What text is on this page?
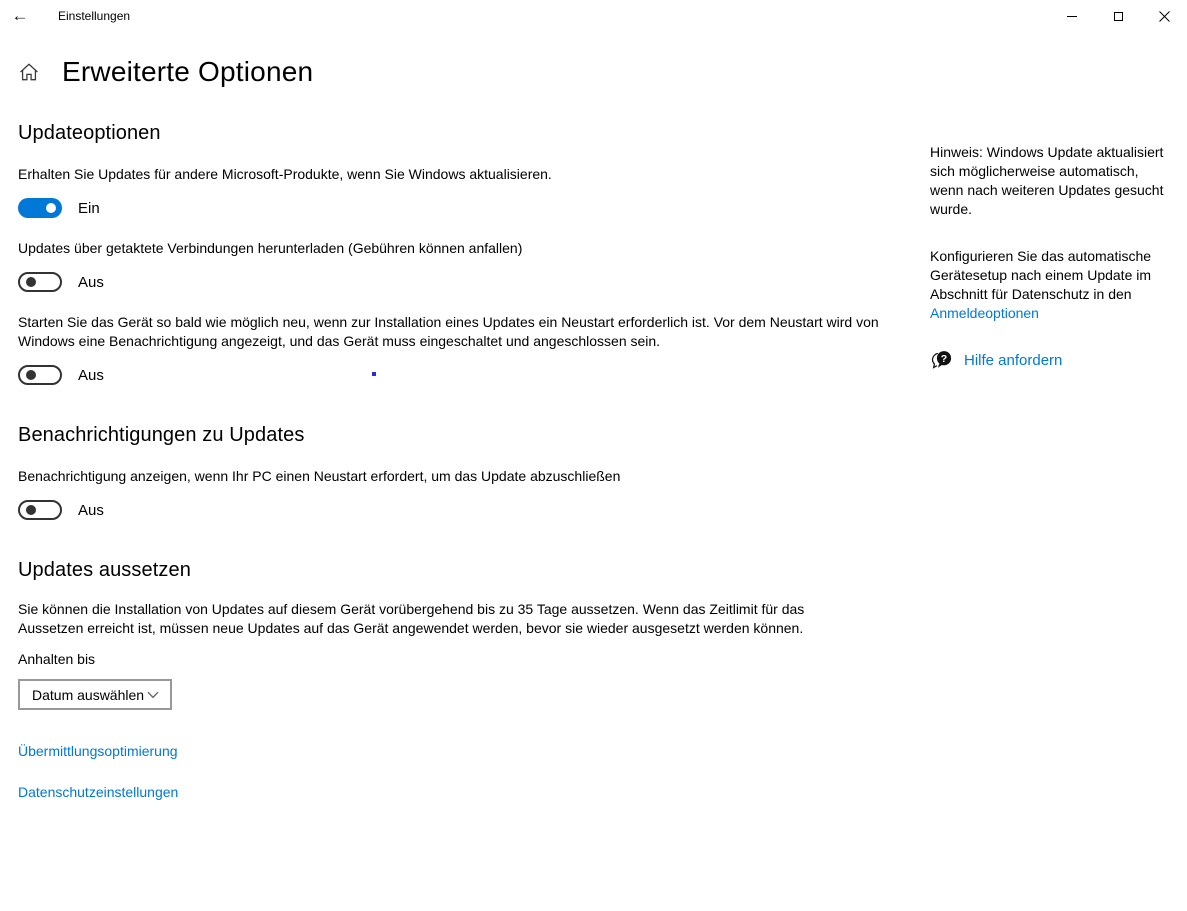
← Einstellungen
Erweiterte Optionen
Updateoptionen

Erhalten Sie Updates für andere Microsoft-Produkte, wenn Sie Windows aktualisieren.

Ein

Updates über getaktete Verbindungen herunterladen (Gebühren können anfallen)

Aus

Starten Sie das Gerät so bald wie möglich neu, wenn zur Installation eines Updates ein Neustart erforderlich ist. Vor dem Neustart wird von Windows eine Benachrichtigung angezeigt, und das Gerät muss eingeschaltet und angeschlossen sein.

Aus
Benachrichtigungen zu Updates

Benachrichtigung anzeigen, wenn Ihr PC einen Neustart erfordert, um das Update abzuschließen

Aus
Updates aussetzen

Sie können die Installation von Updates auf diesem Gerät vorübergehend bis zu 35 Tage aussetzen. Wenn das Zeitlimit für das Aussetzen erreicht ist, müssen neue Updates auf das Gerät angewendet werden, bevor sie wieder ausgesetzt werden können.

Anhalten bis

Datum auswählen
Übermittlungsoptimierung
Datenschutzeinstellungen

Hinweis: Windows Update aktualisiert sich möglicherweise automatisch, wenn nach weiteren Updates gesucht wurde.

Konfigurieren Sie das automatische Gerätesetup nach einem Update im Abschnitt für Datenschutz in den Anmeldeoptionen

? Hilfe anfordern
